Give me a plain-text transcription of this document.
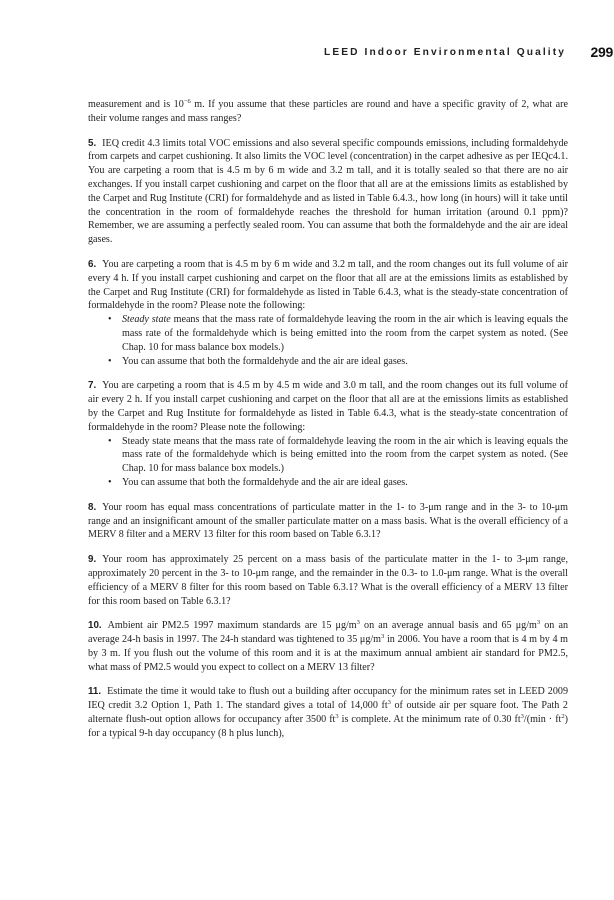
LEED Indoor Environmental Quality 299

measurement and is $10^{-6}$ m. If you assume that these particles are round and have a specific gravity of 2, what are their volume ranges and mass ranges?

5. IEQ credit 4.3 limits total VOC emissions and also several specific compounds emissions, including formaldehyde from carpets and carpet cushioning. It also limits the VOC level (concentration) in the carpet adhesive as per IEQc4.1. You are carpeting a room that is 4.5 m by 6 m wide and 3.2 m tall, and it is totally sealed so that there are no air exchanges. If you install carpet cushioning and carpet on the floor that all are at the emissions limits as established by the Carpet and Rug Institute (CRI) for formaldehyde and as listed in Table 6.4.3., how long (in hours) will it take until the concentration in the room of formaldehyde reaches the threshold for human irritation (around 0.1 ppm)? Remember, we are assuming a perfectly sealed room. You can assume that both the formaldehyde and the air are ideal gases.

6. You are carpeting a room that is 4.5 m by 6 m wide and 3.2 m tall, and the room changes out its full volume of air every 4 h. If you install carpet cushioning and carpet on the floor that all are at the emissions limits as established by the Carpet and Rug Institute (CRI) for formaldehyde as listed in Table 6.4.3, what is the steady-state concentration of formaldehyde in the room? Please note the following:

• Steady state means that the mass rate of formaldehyde leaving the room in the air which is leaving equals the mass rate of the formaldehyde which is being emitted into the room from the carpet system as noted. (See Chap. 10 for mass balance box models.)
• You can assume that both the formaldehyde and the air are ideal gases.

7. You are carpeting a room that is 4.5 m by 4.5 m wide and 3.0 m tall, and the room changes out its full volume of air every 2 h. If you install carpet cushioning and carpet on the floor that all are at the emissions limits as established by the Carpet and Rug Institute for formaldehyde as listed in Table 6.4.3, what is the steady-state concentration of formaldehyde in the room? Please note the following:

• Steady state means that the mass rate of formaldehyde leaving the room in the air which is leaving equals the mass rate of the formaldehyde which is being emitted into the room from the carpet system as noted. (See Chap. 10 for mass balance box models.)
• You can assume that both the formaldehyde and the air are ideal gases.

8. Your room has equal mass concentrations of particulate matter in the 1- to 3-μm range and in the 3- to 10-μm range and an insignificant amount of the smaller particulate matter on a mass basis. What is the overall efficiency of a MERV 8 filter and a MERV 13 filter for this room based on Table 6.3.1?

9. Your room has approximately 25 percent on a mass basis of the particulate matter in the 1- to 3-μm range, approximately 20 percent in the 3- to 10-μm range, and the remainder in the 0.3- to 1.0-μm range. What is the overall efficiency of a MERV 8 filter for this room based on Table 6.3.1? What is the overall efficiency of a MERV 13 filter for this room based on Table 6.3.1?

10. Ambient air PM2.5 1997 maximum standards are 15 $\mu g/m^3$ on an average annual basis and 65 $\mu g/m^3$ on an average 24-h basis in 1997. The 24-h standard was tightened to 35 $\mu g/m^3$ in 2006. You have a room that is 4 m by 4 m by 3 m. If you flush out the volume of this room and it is at the maximum annual ambient air standard for PM2.5, what mass of PM2.5 would you expect to collect on a MERV 13 filter?

11. Estimate the time it would take to flush out a building after occupancy for the minimum rates set in LEED 2009 IEQ credit 3.2 Option 1, Path 1. The standard gives a total of 14,000 $ft^3$ of outside air per square foot. The Path 2 alternate flush-out option allows for occupancy after 3500 $ft^3$ is complete. At the minimum rate of 0.30 $ft^3/(\min \cdot ft^2)$ for a typical 9-h day occupancy (8 h plus lunch),
